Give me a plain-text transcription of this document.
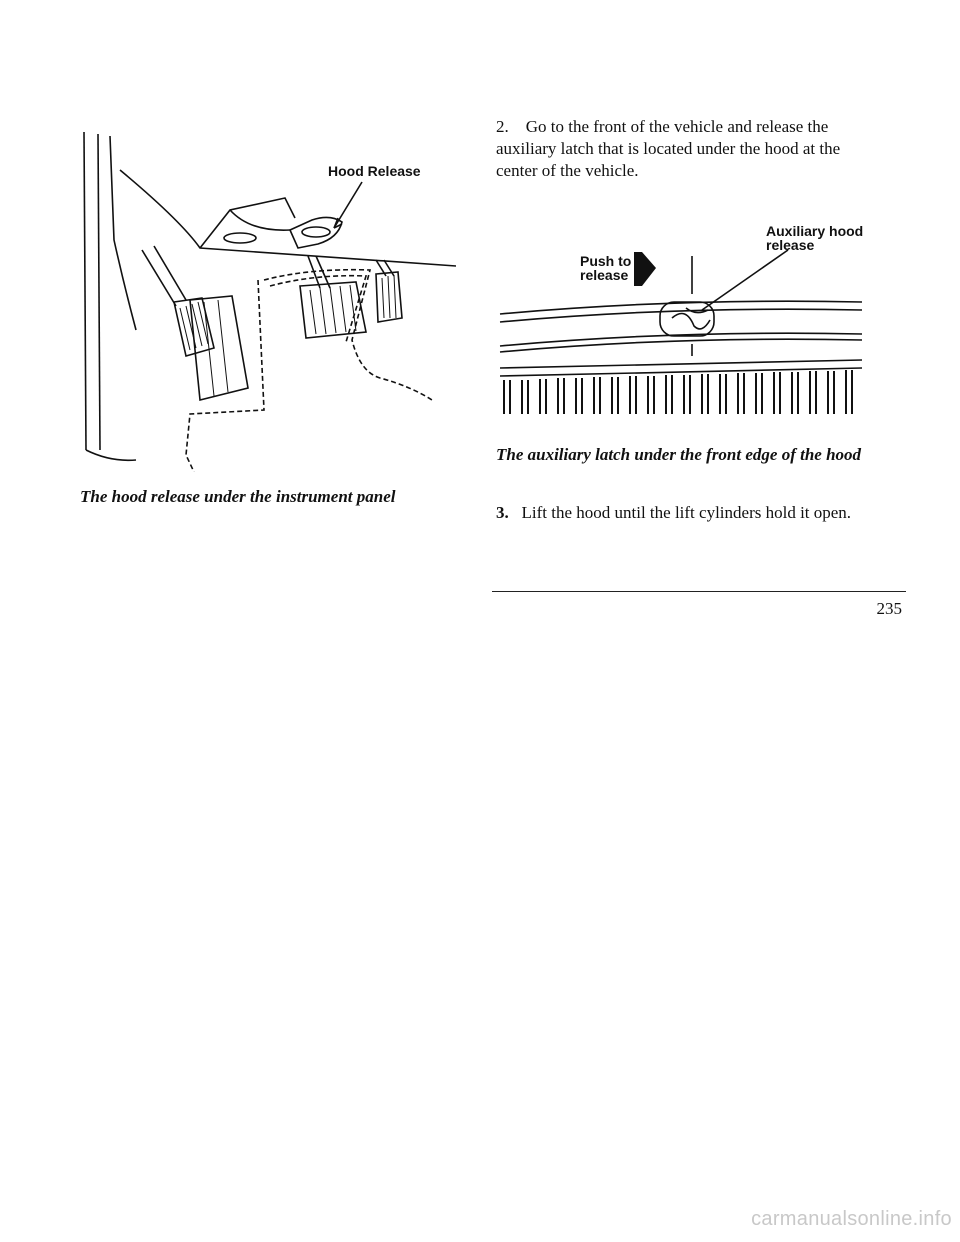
Hood Release
The hood release under the instrument panel
2. Go to the front of the vehicle and release the auxiliary latch that is located under the hood at the center of the vehicle.
Push to
release
Auxiliary hood
release
The auxiliary latch under the front edge of the hood
3. Lift the hood until the lift cylinders hold it open.
235
carmanualsonline.info
